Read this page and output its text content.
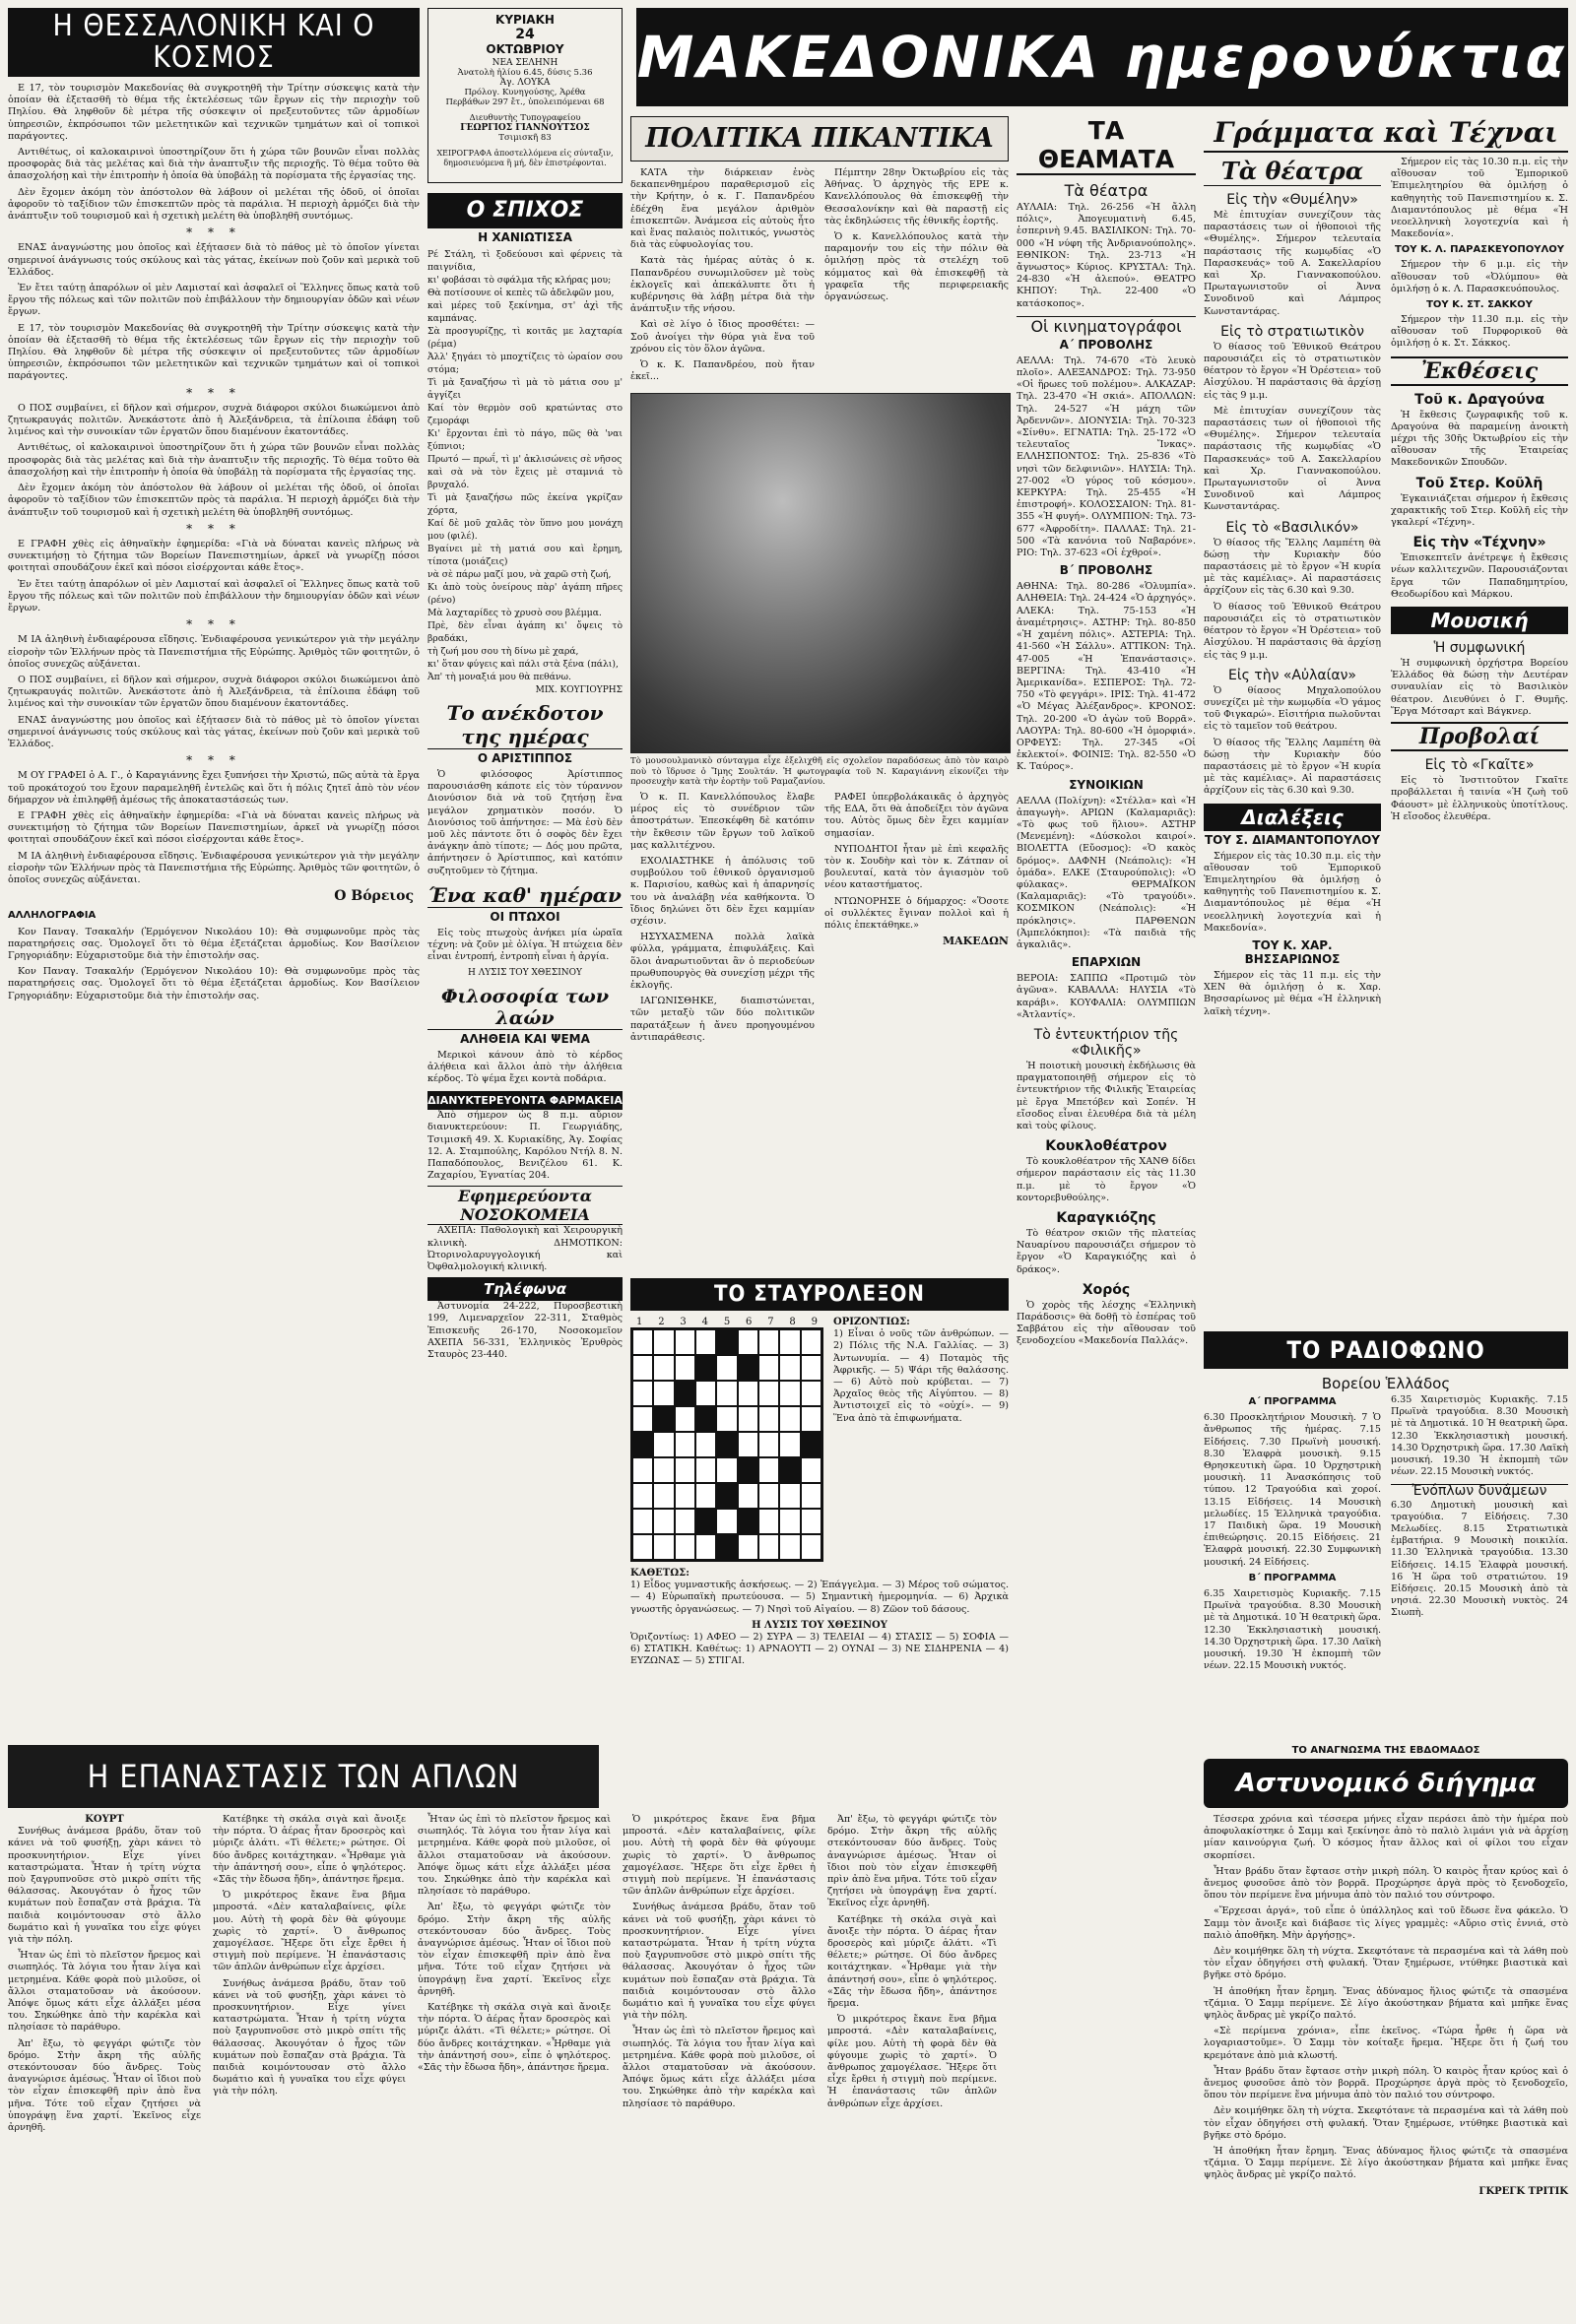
Η ΘΕΣΣΑΛΟΝΙΚΗ ΚΑΙ Ο ΚΟΣΜΟΣ

Ε 17, τὸν τουρισμὸν Μακεδονίας θὰ συγκροτηθῆ τὴν Τρίτην σύσκεψις κατὰ τὴν ὁποίαν θὰ ἐξετασθῆ τὸ θέμα τῆς ἐκτελέσεως τῶν ἔργων εἰς τὴν περιοχὴν τοῦ Πηλίου. Θὰ ληφθοῦν δὲ μέτρα τῆς σύσκεψιν οἱ πρεξευτοῦντες τῶν ἁρμοδίων ὑπηρεσιῶν, ἐκπρόσωποι τῶν μελετητικῶν καὶ τεχνικῶν τμημάτων καὶ οἱ τοπικοὶ παράγοντες.

Αντιθέτως, οἱ καλοκαιρινοὶ ὑποστηρίζουν ὅτι ἡ χώρα τῶν βουνῶν εἶναι πολλὰς προσφορὰς διὰ τὰς μελέτας καὶ διὰ τὴν ἀναπτυξιν τῆς περιοχῆς. Τὸ θέμα τοῦτο θὰ ἀπασχολήσῃ καὶ τὴν ἐπιτροπὴν ἡ ὁποία θὰ ὑποβάλῃ τὰ πορίσματα τῆς ἐργασίας της.

Δὲν ἔχομεν ἀκόμη τὸν ἀπόστολον θὰ λάβουν οἱ μελέται τῆς ὁδοῦ, οἱ ὁποῖαι ἀφοροῦν τὸ ταξίδιον τῶν ἐπισκεπτῶν πρὸς τὰ παράλια. Ἡ περιοχὴ ἀρμόζει διὰ τὴν ἀνάπτυξιν τοῦ τουρισμοῦ καὶ ἡ σχετικὴ μελέτη θὰ ὑποβληθῆ συντόμως.

* * *

ΕΝΑΣ ἀναγνώστης μου ὁποῖος καὶ ἐξήτασεν διὰ τὸ πάθος μὲ τὸ ὁποῖον γίνεται σημερινοί ἀνάγνωσις τούς σκύλους καὶ τὰς γάτας, ἐκείνων ποὺ ζοῦν καὶ μερικὰ τοῦ Ἑλλάδος.

Ἐν ἔτει ταύτῃ ἀπαρόλων οἱ μὲν Λαμισταί καὶ ἀσφαλεῖ οἱ Ἕλληνες ὅπως κατὰ τοῦ ἔργου τῆς πόλεως καὶ τῶν πολιτῶν ποὺ ἐπιβάλλουν τὴν δημιουργίαν ὁδῶν καὶ νέων ἔργων.

Ε 17, τὸν τουρισμὸν Μακεδονίας θὰ συγκροτηθῆ τὴν Τρίτην σύσκεψις κατὰ τὴν ὁποίαν θὰ ἐξετασθῆ τὸ θέμα τῆς ἐκτελέσεως τῶν ἔργων εἰς τὴν περιοχὴν τοῦ Πηλίου. Θὰ ληφθοῦν δὲ μέτρα τῆς σύσκεψιν οἱ πρεξευτοῦντες τῶν ἁρμοδίων ὑπηρεσιῶν, ἐκπρόσωποι τῶν μελετητικῶν καὶ τεχνικῶν τμημάτων καὶ οἱ τοπικοὶ παράγοντες.

* * *

Ο ΠΟΣ συμβαίνει, εἰ δῆλον καὶ σήμερον, συχνὰ διάφοροι σκύλοι διωκώμενοι ἀπὸ ζητωκραυγάς πολιτῶν. Ἀνεκάστοτε ἀπὸ ἡ Ἀλεξάνδρεια, τὰ ἐπίλοιπα ἐδάφη τοῦ λιμένος καὶ τὴν συνοικίαν τῶν ἐργατῶν ὅπου διαμένουν ἑκατοντάδες.

Αντιθέτως, οἱ καλοκαιρινοὶ ὑποστηρίζουν ὅτι ἡ χώρα τῶν βουνῶν εἶναι πολλὰς προσφορὰς διὰ τὰς μελέτας καὶ διὰ τὴν ἀναπτυξιν τῆς περιοχῆς. Τὸ θέμα τοῦτο θὰ ἀπασχολήσῃ καὶ τὴν ἐπιτροπὴν ἡ ὁποία θὰ ὑποβάλῃ τὰ πορίσματα τῆς ἐργασίας της.

Δὲν ἔχομεν ἀκόμη τὸν ἀπόστολον θὰ λάβουν οἱ μελέται τῆς ὁδοῦ, οἱ ὁποῖαι ἀφοροῦν τὸ ταξίδιον τῶν ἐπισκεπτῶν πρὸς τὰ παράλια. Ἡ περιοχὴ ἀρμόζει διὰ τὴν ἀνάπτυξιν τοῦ τουρισμοῦ καὶ ἡ σχετικὴ μελέτη θὰ ὑποβληθῆ συντόμως.

* * *

Ε ΓΡΑΦΗ χθὲς εἰς ἀθηναϊκὴν ἐφημερίδα: «Γιὰ νὰ δύναται κανεὶς πλήρως νὰ συνεκτιμήσῃ τὸ ζήτημα τῶν Βορείων Πανεπιστημίων, ἀρκεῖ νὰ γνωρίζῃ πόσοι φοιτηταὶ σπουδάζουν ἐκεῖ καὶ πόσοι εἰσέρχονται κάθε ἔτος».

Ἐν ἔτει ταύτῃ ἀπαρόλων οἱ μὲν Λαμισταί καὶ ἀσφαλεῖ οἱ Ἕλληνες ὅπως κατὰ τοῦ ἔργου τῆς πόλεως καὶ τῶν πολιτῶν ποὺ ἐπιβάλλουν τὴν δημιουργίαν ὁδῶν καὶ νέων ἔργων.

* * *

Μ ΙΑ ἀληθινὴ ἐνδιαφέρουσα εἴδησις. Ἐνδιαφέρουσα γενικώτερον γιὰ τὴν μεγάλην εἰσροὴν τῶν Ἑλλήνων πρὸς τὰ Πανεπιστήμια τῆς Εὐρώπης. Ἀριθμὸς τῶν φοιτητῶν, ὁ ὁποῖος συνεχῶς αὐξάνεται.

Ο ΠΟΣ συμβαίνει, εἰ δῆλον καὶ σήμερον, συχνὰ διάφοροι σκύλοι διωκώμενοι ἀπὸ ζητωκραυγάς πολιτῶν. Ἀνεκάστοτε ἀπὸ ἡ Ἀλεξάνδρεια, τὰ ἐπίλοιπα ἐδάφη τοῦ λιμένος καὶ τὴν συνοικίαν τῶν ἐργατῶν ὅπου διαμένουν ἑκατοντάδες.

ΕΝΑΣ ἀναγνώστης μου ὁποῖος καὶ ἐξήτασεν διὰ τὸ πάθος μὲ τὸ ὁποῖον γίνεται σημερινοί ἀνάγνωσις τούς σκύλους καὶ τὰς γάτας, ἐκείνων ποὺ ζοῦν καὶ μερικὰ τοῦ Ἑλλάδος.

* * *

Μ ΟΥ ΓΡΑΦΕΙ ὁ Α. Γ., ὁ Καραγιάννης ἔχει ξυπνήσει τὴν Χριστώ, πῶς αὐτὰ τὰ ἔργα τοῦ προκάτοχού του ἔχουν παραμεληθῆ ἐντελῶς καὶ ὅτι ἡ πόλις ζητεῖ ἀπὸ τὸν νέον δήμαρχον νὰ ἐπιληφθῇ ἀμέσως τῆς ἀποκαταστάσεώς των.

Ε ΓΡΑΦΗ χθὲς εἰς ἀθηναϊκὴν ἐφημερίδα: «Γιὰ νὰ δύναται κανεὶς πλήρως νὰ συνεκτιμήσῃ τὸ ζήτημα τῶν Βορείων Πανεπιστημίων, ἀρκεῖ νὰ γνωρίζῃ πόσοι φοιτηταὶ σπουδάζουν ἐκεῖ καὶ πόσοι εἰσέρχονται κάθε ἔτος».

Μ ΙΑ ἀληθινὴ ἐνδιαφέρουσα εἴδησις. Ἐνδιαφέρουσα γενικώτερον γιὰ τὴν μεγάλην εἰσροὴν τῶν Ἑλλήνων πρὸς τὰ Πανεπιστήμια τῆς Εὐρώπης. Ἀριθμὸς τῶν φοιτητῶν, ὁ ὁποῖος συνεχῶς αὐξάνεται.

Ο Βόρειος
ΑΛΛΗΛΟΓΡΑΦΙΑ

Κον Παναγ. Τσακαλήν (Ἐρμόγενον Νικολάου 10): Θὰ συμφωνοῦμε πρὸς τὰς παρατηρήσεις σας. Ὁμολογεῖ ὅτι τὸ θέμα ἐξετάζεται ἀρμοδίως. Κον Βασίλειον Γρηγοριάδην: Εὐχαριστοῦμε διὰ τὴν ἐπιστολήν σας.

Κον Παναγ. Τσακαλήν (Ἐρμόγενον Νικολάου 10): Θὰ συμφωνοῦμε πρὸς τὰς παρατηρήσεις σας. Ὁμολογεῖ ὅτι τὸ θέμα ἐξετάζεται ἀρμοδίως. Κον Βασίλειον Γρηγοριάδην: Εὐχαριστοῦμε διὰ τὴν ἐπιστολήν σας.

ΚΥΡΙΑΚΗ
24
ΟΚΤΩΒΡΙΟΥ
ΝΕΑ ΣΕΛΗΝΗ
Ἀνατολὴ ἡλίου 6.45, δύσις 5.36
Ἁγ. ΛΟΥΚΑ
Πρόλογ. Κυνηγούσης, Ἀρέθα
Περβάθων 297 ἔτ., ὑπολειπόμεναι 68
Διευθυντὴς Τυπογραφείου
ΓΕΩΡΓΙΟΣ ΓΙΑΝΝΟΥΤΣΟΣ
Τσιμισκῆ 83
ΧΕΙΡΟΓΡΑΦΑ ἀποστελλόμενα εἰς σύνταξιν, δημοσιευόμενα ἢ μή, δὲν ἐπιστρέφονται.
ΜΑΚΕΔΟΝΙΚΑ ημερονύκτια
Ο ΣΠΙΧΟΣ
Η ΧΑΝΙΩΤΙΣΣΑ

Ρέ Στάλη, τὶ ξοδεύουσι καὶ φέρνεις τὰ παιγνίδια,

κι' φοβάσαι τὸ σφάλμα τῆς κλήρας μου;

Θὰ ποτίσουνε οἱ κεπὲς τῶ ἀδελφῶν μου,

καὶ μέρες τοῦ ξεκίνημα, στ' ἀχὶ τῆς καμπάνας.

Σὰ προσγυρίζῃς, τὶ κοιτᾶς με λαχταρία (ρέμα)

Ἀλλ' ξηγάει τὸ μποχτίζεις τὸ ὡραίον σου στόμα;

Τὶ μὰ ξαναζήσω τὶ μὰ τὸ μάτια σου μ' ἀγγίζει

Καί τὸν θερμὸν σοῦ κρατώντας στο ζεμοράφι

Κι' ἔρχονται ἐπὶ τὸ πάγο, πῶς θὰ 'ναι ξύπνιοι;

Πρωτό — πρωΐ, τὶ μ' ἀκλισώνεις σὲ νῆσος

καὶ σὰ νὰ τὸν ἔχεις μὲ σταμνιά τὸ βρυχαλό.

Τὶ μὰ ξαναζήσω πῶς ἐκείνα γκρίζαν χόρτα,

Καί δὲ μοῦ χαλᾶς τὸν ὕπνο μου μονάχη μου (φιλέ).

Βγαίνει μὲ τὴ ματιά σου καὶ ἔρημη, τίποτα (μοιάζεις)

νὰ σὲ πάρω μαζί μου, νὰ χαρῶ στὴ ζωή,

Κι ἀπὸ τοὺς ὀνείρους πὰρ' ἀγάπη πῆρες (ρένο)

Μὰ λαχταρίδες τὸ χρυσὸ σου βλέμμα.

Πρὲ, δὲν εἶναι ἀγάπη κι' ὄψεις τὸ βραδάκι,

τὴ ζωή μου σου τὴ δίνω μὲ χαρά,

κι' ὅταν φύγεις καὶ πάλι στὰ ξένα (πάλι),

Ἀπ' τὴ μοναξιά μου θὰ πεθάνω.

ΜΙΧ. ΚΟΥΓΙΟΥΡΗΣ
Το ανέκδοτον της ημέρας
Ο ΑΡΙΣΤΙΠΠΟΣ

Ὁ φιλόσοφος Ἀρίστιππος παρουσιάσθη κάποτε εἰς τὸν τύραννον Διονύσιον διὰ νὰ τοῦ ζητήσῃ ἕνα μεγάλον χρηματικὸν ποσόν. Ὁ Διονύσιος τοῦ ἀπήντησε: — Μὰ ἐσὺ δὲν μοῦ λὲς πάντοτε ὅτι ὁ σοφὸς δὲν ἔχει ἀνάγκην ἀπὸ τίποτε; — Δός μου πρῶτα, ἀπήντησεν ὁ Ἀρίστιππος, καὶ κατόπιν συζητοῦμεν τὸ ζήτημα.

Ένα καθ' ημέραν
ΟΙ ΠΤΩΧΟΙ

Εἰς τοὺς πτωχοὺς ἀνήκει μία ὡραῖα τέχνη: νὰ ζοῦν μὲ ὀλίγα. Ἡ πτώχεια δὲν εἶναι ἐντροπή, ἐντροπὴ εἶναι ἡ ἀργία.

Η ΛΥΣΙΣ ΤΟΥ ΧΘΕΣΙΝΟΥ
Φιλοσοφία των λαών
ΑΛΗΘΕΙΑ ΚΑΙ ΨΕΜΑ

Μερικοὶ κάνουν ἀπὸ τὸ κέρδος ἀλήθεια καὶ ἄλλοι ἀπὸ τὴν ἀλήθεια κέρδος. Τὸ ψέμα ἔχει κοντὰ ποδάρια.

ΔΙΑΝΥΚΤΕΡΕΥΟΝΤΑ ΦΑΡΜΑΚΕΙΑ

Ἀπὸ σήμερον ὡς 8 π.μ. αὔριον διανυκτερεύουν: Π. Γεωργιάδης, Τσιμισκῆ 49. Χ. Κυριακίδης, Ἁγ. Σοφίας 12. Α. Σταμπούλης, Καρόλου Ντήλ 8. Ν. Παπαδόπουλος, Βενιζέλου 61. Κ. Ζαχαρίου, Ἐγνατίας 204.

Εφημερεύοντα ΝΟΣΟΚΟΜΕΙΑ

ΑΧΕΠΑ: Παθολογικὴ καὶ Χειρουργικὴ κλινικὴ. ΔΗΜΟΤΙΚΟΝ: Ὠτορινολαρυγγολογική καὶ Ὀφθαλμολογική κλινική.

Τηλέφωνα

Ἀστυνομία 24-222, Πυροσβεστικὴ 199, Λιμεναρχεῖον 22-311, Σταθμὸς Ἐπισκευῆς 26-170, Νοσοκομεῖον ΑΧΕΠΑ 56-331, Ἑλληνικὸς Ἐρυθρὸς Σταυρὸς 23-440.

ΠΟΛΙΤΙΚΑ ΠΙΚΑΝΤΙΚΑ

ΚΑΤΑ τὴν διάρκειαν ἑνὸς δεκαπενθημέρου παραθερισμοῦ εἰς τὴν Κρήτην, ὁ κ. Γ. Παπανδρέου ἐδέχθη ἕνα μεγάλον ἀριθμὸν ἐπισκεπτῶν. Ἀνάμεσα εἰς αὐτοὺς ἦτο καὶ ἕνας παλαιὸς πολιτικός, γνωστὸς διὰ τὰς εὐφυολογίας του.

Κατὰ τὰς ἡμέρας αὐτὰς ὁ κ. Παπανδρέου συνωμιλοῦσεν μὲ τοὺς ἐκλογεῖς καὶ ἀπεκάλυπτε ὅτι ἡ κυβέρνησις θὰ λάβῃ μέτρα διὰ τὴν ἀνάπτυξιν τῆς νήσου.

Καὶ σὲ λίγο ὁ ἴδιος προσθέτει: —Σοῦ ἀνοίγει τὴν θύρα γιὰ ἕνα τοῦ χρόνου εἰς τὸν ὅλον ἀγῶνα.

Ὁ κ. Κ. Παπανδρέου, ποὺ ἤταν ἐκεῖ...

Πέμπτην 28ην Ὀκτωβρίου εἰς τὰς Ἀθήνας. Ὁ ἀρχηγὸς τῆς ΕΡΕ κ. Κανελλόπουλος θὰ ἐπισκεφθῇ τὴν Θεσσαλονίκην καὶ θὰ παραστῇ εἰς τὰς ἐκδηλώσεις τῆς ἐθνικῆς ἑορτῆς.

Ὁ κ. Κανελλόπουλος κατὰ τὴν παραμονήν του εἰς τὴν πόλιν θὰ ὁμιλήσῃ πρὸς τὰ στελέχη τοῦ κόμματος καὶ θὰ ἐπισκεφθῇ τὰ γραφεῖα τῆς περιφερειακῆς ὀργανώσεως.

Τὸ μουσουλμανικὸ σύνταγμα εἶχε ἐξελιχθῆ εἰς σχολεῖον παραδόσεως ἀπὸ τὸν καιρὸ ποὺ τὸ ἵδρυσε ὁ Ἴμης Σουλτάν. Ἡ φωτογραφία τοῦ Ν. Καραγιάννη εἰκονίζει τὴν προσευχὴν κατὰ τὴν ἑορτὴν τοῦ Ραμαζανίου.

Ὁ κ. Π. Κανελλόπουλος ἔλαβε μέρος εἰς τὸ συνέδριον τῶν ἀποστράτων. Ἐπεσκέφθη δὲ κατόπιν τὴν ἔκθεσιν τῶν ἔργων τοῦ λαϊκοῦ μας καλλιτέχνου.

ΕΧΟΛΙΑΣΤΗΚΕ ἡ ἀπόλυσις τοῦ συμβούλου τοῦ ἐθνικοῦ ὀργανισμοῦ κ. Παρισίου, καθὼς καὶ ἡ ἀπαρνησίς του νὰ ἀναλάβῃ νέα καθήκοντα. Ὁ ἴδιος δηλώνει ὅτι δὲν ἔχει καμμίαν σχέσιν.

ΗΣΥΧΑΣΜΕΝΑ πολλὰ λαϊκὰ φύλλα, γράμματα, ἐπιφυλάξεις. Καὶ ὅλοι ἀναρωτιοῦνται ἂν ὁ περιοδεύων πρωθυπουργὸς θὰ συνεχίσῃ μέχρι τῆς ἐκλογῆς.

ΙΑΓΩΝΙΣΘΗΚΕ, διαπιστώνεται, τῶν μεταξὺ τῶν δύο πολιτικῶν παρατάξεων ἡ ἄνευ προηγουμένου ἀντιπαράθεσις.

ΡΑΦΕΙ ὑπερβολάκαικᾶς ὁ ἀρχηγὸς τῆς ΕΔΑ, ὅτι θὰ ἀποδείξει τὸν ἀγῶνα του. Αὐτὸς ὅμως δὲν ἔχει καμμίαν σημασίαν.

ΝΥΠΟΔΗΤΟΙ ἦταν μὲ ἐπὶ κεφαλῆς τὸν κ. Σουδὴν καὶ τὸν κ. Ζάτπαν οἱ βουλευταί, κατὰ τὸν ἁγιασμὸν τοῦ νέου καταστήματος.

ΝΤΩΝΟΡΗΣΕ ὁ δήμαρχος: «Ὅσοτε οἱ συλλέκτες ἔγιναν πολλοὶ καὶ ἡ πόλις ἐπεκτάθηκε.»

ΜΑΚΕΔΩΝ
ΤΟ ΣΤΑΥΡΟΛΕΞΟΝ
1 2 3 4 5 6 7 8 9 ΟΡΙΖΟΝΤΙΩΣ:

1) Εἶναι ὁ νοῦς τῶν ἀνθρώπων. — 2) Πόλις τῆς Ν.Α. Γαλλίας. — 3) Ἀντωνυμία. — 4) Ποταμὸς τῆς Ἀφρικῆς. — 5) Ψάρι τῆς θαλάσσης. — 6) Αὐτὸ ποὺ κρύβεται. — 7) Ἀρχαῖος θεὸς τῆς Αἰγύπτου. — 8) Ἀντιστοιχεῖ εἰς τὸ «οὐχί». — 9) Ἕνα ἀπὸ τὰ ἐπιφωνήματα.

ΚΑΘΕΤΩΣ:

1) Εἶδος γυμναστικῆς ἀσκήσεως. — 2) Ἐπάγγελμα. — 3) Μέρος τοῦ σώματος. — 4) Εὐρωπαϊκὴ πρωτεύουσα. — 5) Σημαντικὴ ἡμερομηνία. — 6) Ἀρχικὰ γνωστῆς ὀργανώσεως. — 7) Νησὶ τοῦ Αἰγαίου. — 8) Ζῶον τοῦ δάσους.

Η ΛΥΣΙΣ ΤΟΥ ΧΘΕΣΙΝΟΥ

Ὁριζοντίως: 1) ΑΦΕΟ — 2) ΣΥΡΑ — 3) ΤΕΛΕΙΑΙ — 4) ΣΤΑΣΙΣ — 5) ΣΟΦΙΑ — 6) ΣΤΑΤΙΚΗ. Καθέτως: 1) ΑΡΝΑΟΥΤΙ — 2) ΟΥΝΑΙ — 3) ΝΕ ΣΙΔΗΡΕΝΙΑ — 4) ΕΥΖΩΝΑΣ — 5) ΣΤΙΓΑΙ.

ΤΑ ΘΕΑΜΑΤΑ
Τὰ θέατρα

ΑΥΛΑΙΑ: Τηλ. 26-256 «Ἡ ἄλλη πόλις», Ἀπογευματινὴ 6.45, ἑσπερινὴ 9.45. ΒΑΣΙΛΙΚΟΝ: Τηλ. 70-000 «Ἡ νύφη τῆς Ἀνδριανούπολης». ΕΘΝΙΚΟΝ: Τηλ. 23-713 «Ἡ ἄγνωστος» Κύριος. ΚΡΥΣΤΑΛ: Τηλ. 24-830 «Ἡ ἀλεπού». ΘΕΑΤΡΟ ΚΗΠΟΥ: Τηλ. 22-400 «Ὁ κατάσκοπος».

Οἱ κινηματογράφοι
Α΄ ΠΡΟΒΟΛΗΣ

ΑΕΛΛΑ: Τηλ. 74-670 «Τὸ λευκὸ πλοῖο». ΑΛΕΞΑΝΔΡΟΣ: Τηλ. 73-950 «Οἱ ἥρωες τοῦ πολέμου». ΑΛΚΑΖΑΡ: Τηλ. 23-470 «Ἡ σκιά». ΑΠΟΛΛΩΝ: Τηλ. 24-527 «Ἡ μάχη τῶν Ἀρδεννῶν». ΔΙΟΝΥΣΙΑ: Τηλ. 70-323 «Σίνθυ». ΕΓΝΑΤΙΑ: Τηλ. 25-172 «Ὁ τελευταῖος Ἴνκας». ΕΛΛΗΣΠΟΝΤΟΣ: Τηλ. 25-836 «Τὸ νησὶ τῶν δελφινιῶν». ΗΛΥΣΙΑ: Τηλ. 27-002 «Ὁ γύρος τοῦ κόσμου». ΚΕΡΚΥΡΑ: Τηλ. 25-455 «Ἡ ἐπιστροφή». ΚΟΛΟΣΣΑΙΟΝ: Τηλ. 81-355 «Ἡ φυγή». ΟΛΥΜΠΙΟΝ: Τηλ. 73-677 «Ἀφροδίτη». ΠΑΛΛΑΣ: Τηλ. 21-500 «Τὰ κανόνια τοῦ Ναβαρόνε». ΡΙΟ: Τηλ. 37-623 «Οἱ ἐχθροί».

Β΄ ΠΡΟΒΟΛΗΣ

ΑΘΗΝΑ: Τηλ. 80-286 «Ὁλυμπία». ΑΛΗΘΕΙΑ: Τηλ. 24-424 «Ὁ ἀρχηγός». ΑΛΕΚΑ: Τηλ. 75-153 «Ἡ ἀναμέτρησις». ΑΣΤΗΡ: Τηλ. 80-850 «Ἡ χαμένη πόλις». ΑΣΤΕΡΙΑ: Τηλ. 41-560 «Ἡ Σάλλυ». ΑΤΤΙΚΟΝ: Τηλ. 47-005 «Ἡ Ἐπανάστασις». ΒΕΡΓΙΝΑ: Τηλ. 43-410 «Ἡ Ἀμερικανίδα». ΕΣΠΕΡΟΣ: Τηλ. 72-750 «Τὸ φεγγάρι». ΙΡΙΣ: Τηλ. 41-472 «Ὁ Μέγας Ἀλέξανδρος». ΚΡΟΝΟΣ: Τηλ. 20-200 «Ὁ ἀγὼν τοῦ Βορρᾶ». ΛΑΟΥΡΑ: Τηλ. 80-600 «Ἡ ὀμορφιά». ΟΡΦΕΥΣ: Τηλ. 27-345 «Οἱ ἐκλεκτοί». ΦΟΙΝΙΞ: Τηλ. 82-550 «Ὁ Κ. Ταύρος».

ΣΥΝΟΙΚΙΩΝ

ΑΕΛΛΑ (Πολίχνη): «Στέλλα» καὶ «Ἡ ἀπαγωγὴ». ΑΡΙΩΝ (Καλαμαριᾶς): «Τὸ φως τοῦ ἥλιου». ΑΣΤΗΡ (Μενεμένη): «Δύσκολοι καιροί». ΒΙΟΛΕΤΤΑ (Εὔοσμος): «Ὁ κακὸς δρόμος». ΔΑΦΝΗ (Νεάπολις): «Ἡ ὁμάδα». ΕΛΚΕ (Σταυρούπολις): «Ὁ φύλακας». ΘΕΡΜΑΪΚΟΝ (Καλαμαριᾶς): «Τὸ τραγούδι». ΚΟΣΜΙΚΟΝ (Νεάπολις): «Ἡ πρόκλησις». ΠΑΡΘΕΝΩΝ (Ἀμπελόκηποι): «Τὰ παιδιὰ τῆς ἀγκαλιᾶς».

ΕΠΑΡΧΙΩΝ

ΒΕΡΟΙΑ: ΣΑΠΠΩ «Προτιμῶ τὸν ἀγῶνα». ΚΑΒΑΛΛΑ: ΗΛΥΣΙΑ «Τὸ καράβι». ΚΟΥΦΑΛΙΑ: ΟΛΥΜΠΙΩΝ «Ἀτλαντίς».

Τὸ ἐντευκτήριον τῆς «Φιλικῆς»

Ἡ ποιοτικὴ μουσικὴ ἐκδήλωσις θὰ πραγματοποιηθῇ σήμερον εἰς τὸ ἐντευκτήριον τῆς Φιλικῆς Ἑταιρείας μὲ ἔργα Μπετόβεν καὶ Σοπέν. Ἡ εἴσοδος εἶναι ἐλευθέρα διὰ τὰ μέλη καὶ τοὺς φίλους.

Κουκλοθέατρον

Τὸ κουκλοθέατρον τῆς ΧΑΝΘ δίδει σήμερον παράστασιν εἰς τὰς 11.30 π.μ. μὲ τὸ ἔργον «Ὁ κοντορεβυθούλης».

Καραγκιόζης

Τὸ θέατρον σκιῶν τῆς πλατείας Ναυαρίνου παρουσιάζει σήμερον τὸ ἔργον «Ὁ Καραγκιόζης καὶ ὁ δράκος».

Χορός

Ὁ χορὸς τῆς λέσχης «Ἑλληνικὴ Παράδοσις» θὰ δοθῇ τὸ ἑσπέρας τοῦ Σαββάτου εἰς τὴν αἴθουσαν τοῦ ξενοδοχείου «Μακεδονία Παλλάς».

Γράμματα καὶ Τέχναι
Τὰ θέατρα
Εἰς τὴν «Θυμέλην»

Μὲ ἐπιτυχίαν συνεχίζουν τὰς παραστάσεις των οἱ ἠθοποιοὶ τῆς «Θυμέλης». Σήμερον τελευταία παράστασις τῆς κωμῳδίας «Ὁ Παρασκευάς» τοῦ Α. Σακελλαρίου καὶ Χρ. Γιαννακοπούλου. Πρωταγωνιστοῦν οἱ Ἀννα Συνοδινοῦ καὶ Λάμπρος Κωνσταντάρας.

Εἰς τὸ στρατιωτικὸν

Ὁ θίασος τοῦ Ἐθνικοῦ Θεάτρου παρουσιάζει εἰς τὸ στρατιωτικὸν θέατρον τὸ ἔργον «Ἡ Ὀρέστεια» τοῦ Αἰσχύλου. Ἡ παράστασις θὰ ἀρχίσῃ εἰς τὰς 9 μ.μ.

Μὲ ἐπιτυχίαν συνεχίζουν τὰς παραστάσεις των οἱ ἠθοποιοὶ τῆς «Θυμέλης». Σήμερον τελευταία παράστασις τῆς κωμῳδίας «Ὁ Παρασκευάς» τοῦ Α. Σακελλαρίου καὶ Χρ. Γιαννακοπούλου. Πρωταγωνιστοῦν οἱ Ἀννα Συνοδινοῦ καὶ Λάμπρος Κωνσταντάρας.

Εἰς τὸ «Βασιλικόν»

Ὁ θίασος τῆς Ἔλλης Λαμπέτη θὰ δώσῃ τὴν Κυριακὴν δύο παραστάσεις μὲ τὸ ἔργον «Ἡ κυρία μὲ τὰς καμέλιας». Αἱ παραστάσεις ἀρχίζουν εἰς τὰς 6.30 καὶ 9.30.

Ὁ θίασος τοῦ Ἐθνικοῦ Θεάτρου παρουσιάζει εἰς τὸ στρατιωτικὸν θέατρον τὸ ἔργον «Ἡ Ὀρέστεια» τοῦ Αἰσχύλου. Ἡ παράστασις θὰ ἀρχίσῃ εἰς τὰς 9 μ.μ.

Εἰς τὴν «Αὐλαίαν»

Ὁ θίασος Μηχαλοπούλου συνεχίζει μὲ τὴν κωμῳδία «Ὁ γάμος τοῦ Φιγκαρώ». Εἰσιτήρια πωλοῦνται εἰς τὸ ταμεῖον τοῦ θεάτρου.

Ὁ θίασος τῆς Ἔλλης Λαμπέτη θὰ δώσῃ τὴν Κυριακὴν δύο παραστάσεις μὲ τὸ ἔργον «Ἡ κυρία μὲ τὰς καμέλιας». Αἱ παραστάσεις ἀρχίζουν εἰς τὰς 6.30 καὶ 9.30.

Διαλέξεις
ΤΟΥ Σ. ΔΙΑΜΑΝΤΟΠΟΥΛΟΥ

Σήμερον εἰς τὰς 10.30 π.μ. εἰς τὴν αἴθουσαν τοῦ Ἐμπορικοῦ Ἐπιμελητηρίου θὰ ὁμιλήσῃ ὁ καθηγητὴς τοῦ Πανεπιστημίου κ. Σ. Διαμαντόπουλος μὲ θέμα «Ἡ νεοελληνικὴ λογοτεχνία καὶ ἡ Μακεδονία».

ΤΟΥ Κ. ΧΑΡ. ΒΗΣΣΑΡΙΩΝΟΣ

Σήμερον εἰς τὰς 11 π.μ. εἰς τὴν ΧΕΝ θὰ ὁμιλήσῃ ὁ κ. Χαρ. Βησσαρίωνος μὲ θέμα «Ἡ ἐλληνικὴ λαϊκὴ τέχνη».

Σήμερον εἰς τὰς 10.30 π.μ. εἰς τὴν αἴθουσαν τοῦ Ἐμπορικοῦ Ἐπιμελητηρίου θὰ ὁμιλήσῃ ὁ καθηγητὴς τοῦ Πανεπιστημίου κ. Σ. Διαμαντόπουλος μὲ θέμα «Ἡ νεοελληνικὴ λογοτεχνία καὶ ἡ Μακεδονία».

ΤΟΥ Κ. Λ. ΠΑΡΑΣΚΕΥΟΠΟΥΛΟΥ

Σήμερον τὴν 6 μ.μ. εἰς τὴν αἴθουσαν τοῦ «Ὀλύμπου» θὰ ὁμιλήσῃ ὁ κ. Λ. Παρασκευόπουλος.

ΤΟΥ Κ. ΣΤ. ΣΑΚΚΟΥ

Σήμερον τὴν 11.30 π.μ. εἰς τὴν αἴθουσαν τοῦ Πυρφορικοῦ θὰ ὁμιλήσῃ ὁ κ. Στ. Σάκκος.

Ἐκθέσεις
Τοῦ κ. Δραγούνα

Ἡ ἔκθεσις ζωγραφικῆς τοῦ κ. Δραγούνα θὰ παραμείνῃ ἀνοικτὴ μέχρι τῆς 30ῆς Ὀκτωβρίου εἰς τὴν αἴθουσαν τῆς Ἑταιρείας Μακεδονικῶν Σπουδῶν.

Τοῦ Στερ. Κοῦλῆ

Ἐγκαινιάζεται σήμερον ἡ ἔκθεσις χαρακτικῆς τοῦ Στερ. Κοῦλῆ εἰς τὴν γκαλερί «Τέχνη».

Εἰς τὴν «Τέχνην»

Ἐπισκεπτεῖν ἀνέτρεψε ἡ ἔκθεσις νέων καλλιτεχνῶν. Παρουσιάζονται ἔργα τῶν Παπαδημητρίου, Θεοδωρίδου καὶ Μάρκου.

Μουσική
Ἡ συμφωνική

Ἡ συμφωνικὴ ὀρχήστρα Βορείου Ἑλλάδος θὰ δώσῃ τὴν Δευτέραν συναυλίαν εἰς τὸ Βασιλικὸν θέατρον. Διευθύνει ὁ Γ. Θυμῆς. Ἔργα Μότσαρτ καὶ Βάγκνερ.

Προβολαί
Εἰς τὸ «Γκαῖτε»

Εἰς τὸ Ἰνστιτοῦτον Γκαῖτε προβάλλεται ἡ ταινία «Ἡ ζωὴ τοῦ Φάουστ» μὲ ἑλληνικοὺς ὑποτίτλους. Ἡ εἴσοδος ἐλευθέρα.

ΤΟ ΡΑΔΙΟΦΩΝΟ
Βορείου Ἑλλάδος
Α΄ ΠΡΟΓΡΑΜΜΑ

6.30 Προσκλητήριον Μουσικὴ. 7 Ὁ ἄνθρωπος τῆς ἡμέρας. 7.15 Εἰδήσεις. 7.30 Πρωϊνὴ μουσική. 8.30 Ἐλαφρὰ μουσικὴ. 9.15 Θρησκευτικὴ ὥρα. 10 Ὀρχηστρικὴ μουσικὴ. 11 Ἀνασκόπησις τοῦ τύπου. 12 Τραγούδια καὶ χοροί. 13.15 Εἰδήσεις. 14 Μουσικὴ μελωδίες. 15 Ἑλληνικὰ τραγούδια. 17 Παιδικὴ ὥρα. 19 Μουσικὴ ἐπιθεώρησις. 20.15 Εἰδήσεις. 21 Ἐλαφρὰ μουσική. 22.30 Συμφωνικὴ μουσική. 24 Εἰδήσεις.

Β΄ ΠΡΟΓΡΑΜΜΑ

6.35 Χαιρετισμὸς Κυριακῆς. 7.15 Πρωϊνὰ τραγούδια. 8.30 Μουσικὴ μὲ τὰ Δημοτικά. 10 Ἡ θεατρικὴ ὥρα. 12.30 Ἐκκλησιαστικὴ μουσική. 14.30 Ὀρχηστρικὴ ὥρα. 17.30 Λαϊκὴ μουσική. 19.30 Ἡ ἐκπομπὴ τῶν νέων. 22.15 Μουσικὴ νυκτός.

6.35 Χαιρετισμὸς Κυριακῆς. 7.15 Πρωϊνὰ τραγούδια. 8.30 Μουσικὴ μὲ τὰ Δημοτικά. 10 Ἡ θεατρικὴ ὥρα. 12.30 Ἐκκλησιαστικὴ μουσική. 14.30 Ὀρχηστρικὴ ὥρα. 17.30 Λαϊκὴ μουσική. 19.30 Ἡ ἐκπομπὴ τῶν νέων. 22.15 Μουσικὴ νυκτός.

Ἐνόπλων δυνάμεων

6.30 Δημοτικὴ μουσικὴ καὶ τραγούδια. 7 Εἰδήσεις. 7.30 Μελωδίες. 8.15 Στρατιωτικὰ ἐμβατήρια. 9 Μουσικὴ ποικιλία. 11.30 Ἐλληνικὰ τραγούδια. 13.30 Εἰδήσεις. 14.15 Ἐλαφρὰ μουσική. 16 Ἡ ὥρα τοῦ στρατιώτου. 19 Εἰδήσεις. 20.15 Μουσικὴ ἀπὸ τὰ νησιά. 22.30 Μουσικὴ νυκτὸς. 24 Σιωπὴ.

ΤΟ ΑΝΑΓΝΩΣΜΑ ΤΗΣ ΕΒΔΟΜΑΔΟΣ
Αστυνομικό διήγημα

Τέσσερα χρόνια καὶ τέσσερα μήνες εἶχαν περάσει ἀπὸ τὴν ἡμέρα ποὺ ἀποφυλακίστηκε ὁ Σαμμ καὶ ξεκίνησε ἀπὸ τὸ παλιὸ λιμάνι γιὰ νὰ ἀρχίσῃ μίαν καινούργια ζωή. Ὁ κόσμος ἦταν ἄλλος καὶ οἱ φίλοι του εἶχαν σκορπίσει.

Ἦταν βράδυ ὅταν ἔφτασε στὴν μικρὴ πόλη. Ὁ καιρὸς ἦταν κρύος καὶ ὁ ἄνεμος φυσοῦσε ἀπὸ τὸν βορρᾶ. Προχώρησε ἀργὰ πρὸς τὸ ξενοδοχεῖο, ὅπου τὸν περίμενε ἕνα μήνυμα ἀπὸ τὸν παλιό του σύντροφο.

«Ἔρχεσαι ἀργά», τοῦ εἶπε ὁ ὑπάλληλος καὶ τοῦ ἔδωσε ἕνα φάκελο. Ὁ Σαμμ τὸν ἄνοιξε καὶ διάβασε τὶς λίγες γραμμὲς: «Αὔριο στὶς ἐννιά, στὸ παλιὸ ἀποθῆκη. Μὴν ἀργήσῃς».

Δὲν κοιμήθηκε ὅλη τὴ νύχτα. Σκεφτότανε τὰ περασμένα καὶ τὰ λάθη ποὺ τὸν εἶχαν ὁδηγήσει στὴ φυλακή. Ὅταν ξημέρωσε, ντύθηκε βιαστικὰ καὶ βγῆκε στὸ δρόμο.

Ἡ ἀποθήκη ἦταν ἔρημη. Ἕνας ἀδύναμος ἥλιος φώτιζε τὰ σπασμένα τζάμια. Ὁ Σαμμ περίμενε. Σὲ λίγο ἀκούστηκαν βήματα καὶ μπῆκε ἕνας ψηλὸς ἄνδρας μὲ γκρίζο παλτό.

«Σὲ περίμενα χρόνια», εἶπε ἐκεῖνος. «Τώρα ἦρθε ἡ ὥρα νὰ λογαριαστοῦμε». Ὁ Σαμμ τὸν κοίταξε ἥρεμα. Ἤξερε ὅτι ἡ ζωή του κρεμότανε ἀπὸ μιὰ κλωστή.

Ἦταν βράδυ ὅταν ἔφτασε στὴν μικρὴ πόλη. Ὁ καιρὸς ἦταν κρύος καὶ ὁ ἄνεμος φυσοῦσε ἀπὸ τὸν βορρᾶ. Προχώρησε ἀργὰ πρὸς τὸ ξενοδοχεῖο, ὅπου τὸν περίμενε ἕνα μήνυμα ἀπὸ τὸν παλιό του σύντροφο.

Δὲν κοιμήθηκε ὅλη τὴ νύχτα. Σκεφτότανε τὰ περασμένα καὶ τὰ λάθη ποὺ τὸν εἶχαν ὁδηγήσει στὴ φυλακή. Ὅταν ξημέρωσε, ντύθηκε βιαστικὰ καὶ βγῆκε στὸ δρόμο.

Ἡ ἀποθήκη ἦταν ἔρημη. Ἕνας ἀδύναμος ἥλιος φώτιζε τὰ σπασμένα τζάμια. Ὁ Σαμμ περίμενε. Σὲ λίγο ἀκούστηκαν βήματα καὶ μπῆκε ἕνας ψηλὸς ἄνδρας μὲ γκρίζο παλτό.

ΓΚΡΕΓΚ ΤΡΙΤΙΚ
Η ΕΠΑΝΑΣΤΑΣΙΣ ΤΩΝ ΑΠΛΩΝ
ΚΟΥΡΤ

Συνήθως ἀνάμεσα βράδυ, ὅταν τοῦ κάνει νὰ τοῦ φυσήξῃ, χὰρι κάνει τὸ προσκυνητήριον. Εἶχε γίνει καταστρώματα. Ἦταν ἡ τρίτη νύχτα ποὺ ξαγρυπνοῦσε στὸ μικρὸ σπίτι τῆς θάλασσας. Ἀκουγόταν ὁ ἦχος τῶν κυμάτων ποὺ ἔσπαζαν στὰ βράχια. Τὰ παιδιὰ κοιμόντουσαν στὸ ἄλλο δωμάτιο καὶ ἡ γυναῖκα του εἶχε φύγει γιὰ τὴν πόλη.

Ἦταν ὡς ἐπὶ τὸ πλεῖστον ἤρεμος καὶ σιωπηλός. Τὰ λόγια του ἦταν λίγα καὶ μετρημένα. Κάθε φορὰ ποὺ μιλοῦσε, οἱ ἄλλοι σταματοῦσαν νὰ ἀκούσουν. Ἀπόψε ὅμως κάτι εἶχε ἀλλάξει μέσα του. Σηκώθηκε ἀπὸ τὴν καρέκλα καὶ πλησίασε τὸ παράθυρο.

Ἀπ' ἔξω, τὸ φεγγάρι φώτιζε τὸν δρόμο. Στὴν ἄκρη τῆς αὐλῆς στεκόντουσαν δύο ἄνδρες. Τοὺς ἀναγνώρισε ἀμέσως. Ἦταν οἱ ἴδιοι ποὺ τὸν εἶχαν ἐπισκεφθῆ πρὶν ἀπὸ ἕνα μῆνα. Τότε τοῦ εἶχαν ζητήσει νὰ ὑπογράψῃ ἕνα χαρτί. Ἐκεῖνος εἶχε ἀρνηθῆ.

Κατέβηκε τὴ σκάλα σιγὰ καὶ ἄνοιξε τὴν πόρτα. Ὁ ἀέρας ἦταν δροσερὸς καὶ μύριζε ἁλάτι. «Τὶ θέλετε;» ρώτησε. Οἱ δύο ἄνδρες κοιτάχτηκαν. «Ἦρθαμε γιὰ τὴν ἀπάντησή σου», εἶπε ὁ ψηλότερος. «Σᾶς τὴν ἔδωσα ἤδη», ἀπάντησε ἥρεμα.

Ὁ μικρότερος ἔκανε ἕνα βῆμα μπροστά. «Δὲν καταλαβαίνεις, φίλε μου. Αὐτὴ τὴ φορὰ δὲν θὰ φύγουμε χωρὶς τὸ χαρτί». Ὁ ἄνθρωπος χαμογέλασε. Ἤξερε ὅτι εἶχε ἔρθει ἡ στιγμὴ ποὺ περίμενε. Ἡ ἐπανάστασις τῶν ἁπλῶν ἀνθρώπων εἶχε ἀρχίσει.

Συνήθως ἀνάμεσα βράδυ, ὅταν τοῦ κάνει νὰ τοῦ φυσήξῃ, χὰρι κάνει τὸ προσκυνητήριον. Εἶχε γίνει καταστρώματα. Ἦταν ἡ τρίτη νύχτα ποὺ ξαγρυπνοῦσε στὸ μικρὸ σπίτι τῆς θάλασσας. Ἀκουγόταν ὁ ἦχος τῶν κυμάτων ποὺ ἔσπαζαν στὰ βράχια. Τὰ παιδιὰ κοιμόντουσαν στὸ ἄλλο δωμάτιο καὶ ἡ γυναῖκα του εἶχε φύγει γιὰ τὴν πόλη.

Ἦταν ὡς ἐπὶ τὸ πλεῖστον ἤρεμος καὶ σιωπηλός. Τὰ λόγια του ἦταν λίγα καὶ μετρημένα. Κάθε φορὰ ποὺ μιλοῦσε, οἱ ἄλλοι σταματοῦσαν νὰ ἀκούσουν. Ἀπόψε ὅμως κάτι εἶχε ἀλλάξει μέσα του. Σηκώθηκε ἀπὸ τὴν καρέκλα καὶ πλησίασε τὸ παράθυρο.

Ἀπ' ἔξω, τὸ φεγγάρι φώτιζε τὸν δρόμο. Στὴν ἄκρη τῆς αὐλῆς στεκόντουσαν δύο ἄνδρες. Τοὺς ἀναγνώρισε ἀμέσως. Ἦταν οἱ ἴδιοι ποὺ τὸν εἶχαν ἐπισκεφθῆ πρὶν ἀπὸ ἕνα μῆνα. Τότε τοῦ εἶχαν ζητήσει νὰ ὑπογράψῃ ἕνα χαρτί. Ἐκεῖνος εἶχε ἀρνηθῆ.

Κατέβηκε τὴ σκάλα σιγὰ καὶ ἄνοιξε τὴν πόρτα. Ὁ ἀέρας ἦταν δροσερὸς καὶ μύριζε ἁλάτι. «Τὶ θέλετε;» ρώτησε. Οἱ δύο ἄνδρες κοιτάχτηκαν. «Ἦρθαμε γιὰ τὴν ἀπάντησή σου», εἶπε ὁ ψηλότερος. «Σᾶς τὴν ἔδωσα ἤδη», ἀπάντησε ἥρεμα.

Ὁ μικρότερος ἔκανε ἕνα βῆμα μπροστά. «Δὲν καταλαβαίνεις, φίλε μου. Αὐτὴ τὴ φορὰ δὲν θὰ φύγουμε χωρὶς τὸ χαρτί». Ὁ ἄνθρωπος χαμογέλασε. Ἤξερε ὅτι εἶχε ἔρθει ἡ στιγμὴ ποὺ περίμενε. Ἡ ἐπανάστασις τῶν ἁπλῶν ἀνθρώπων εἶχε ἀρχίσει.

Συνήθως ἀνάμεσα βράδυ, ὅταν τοῦ κάνει νὰ τοῦ φυσήξῃ, χὰρι κάνει τὸ προσκυνητήριον. Εἶχε γίνει καταστρώματα. Ἦταν ἡ τρίτη νύχτα ποὺ ξαγρυπνοῦσε στὸ μικρὸ σπίτι τῆς θάλασσας. Ἀκουγόταν ὁ ἦχος τῶν κυμάτων ποὺ ἔσπαζαν στὰ βράχια. Τὰ παιδιὰ κοιμόντουσαν στὸ ἄλλο δωμάτιο καὶ ἡ γυναῖκα του εἶχε φύγει γιὰ τὴν πόλη.

Ἦταν ὡς ἐπὶ τὸ πλεῖστον ἤρεμος καὶ σιωπηλός. Τὰ λόγια του ἦταν λίγα καὶ μετρημένα. Κάθε φορὰ ποὺ μιλοῦσε, οἱ ἄλλοι σταματοῦσαν νὰ ἀκούσουν. Ἀπόψε ὅμως κάτι εἶχε ἀλλάξει μέσα του. Σηκώθηκε ἀπὸ τὴν καρέκλα καὶ πλησίασε τὸ παράθυρο.

Ἀπ' ἔξω, τὸ φεγγάρι φώτιζε τὸν δρόμο. Στὴν ἄκρη τῆς αὐλῆς στεκόντουσαν δύο ἄνδρες. Τοὺς ἀναγνώρισε ἀμέσως. Ἦταν οἱ ἴδιοι ποὺ τὸν εἶχαν ἐπισκεφθῆ πρὶν ἀπὸ ἕνα μῆνα. Τότε τοῦ εἶχαν ζητήσει νὰ ὑπογράψῃ ἕνα χαρτί. Ἐκεῖνος εἶχε ἀρνηθῆ.

Κατέβηκε τὴ σκάλα σιγὰ καὶ ἄνοιξε τὴν πόρτα. Ὁ ἀέρας ἦταν δροσερὸς καὶ μύριζε ἁλάτι. «Τὶ θέλετε;» ρώτησε. Οἱ δύο ἄνδρες κοιτάχτηκαν. «Ἦρθαμε γιὰ τὴν ἀπάντησή σου», εἶπε ὁ ψηλότερος. «Σᾶς τὴν ἔδωσα ἤδη», ἀπάντησε ἥρεμα.

Ὁ μικρότερος ἔκανε ἕνα βῆμα μπροστά. «Δὲν καταλαβαίνεις, φίλε μου. Αὐτὴ τὴ φορὰ δὲν θὰ φύγουμε χωρὶς τὸ χαρτί». Ὁ ἄνθρωπος χαμογέλασε. Ἤξερε ὅτι εἶχε ἔρθει ἡ στιγμὴ ποὺ περίμενε. Ἡ ἐπανάστασις τῶν ἁπλῶν ἀνθρώπων εἶχε ἀρχίσει.
